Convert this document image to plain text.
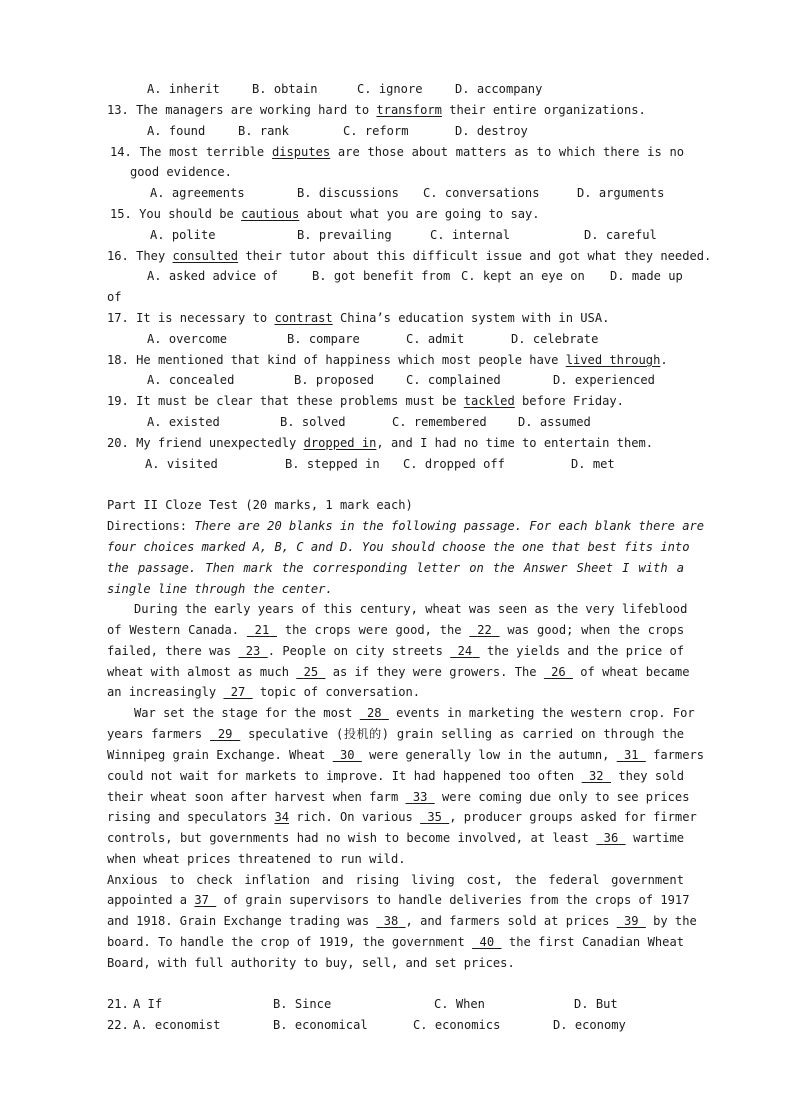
A. inherit	B. obtain	C. ignore	D. accompany
13. The managers are working hard to transform their entire organizations.
A. found	B. rank	C. reform	D. destroy
14. The most terrible disputes are those about matters as to which there is no
good evidence.
A. agreements	B. discussions C. conversations	D. arguments
15. You should be cautious about what you are going to say.
A. polite	B. prevailing	C. internal	D. careful
16. They consulted their tutor about this difficult issue and got what they needed.
A. asked advice of	B. got benefit from C. kept an eye on D. made up
of
17. It is necessary to contrast China’s education system with in USA.
A. overcome	B. compare	C. admit	D. celebrate
18. He mentioned that kind of happiness which most people have lived through.
A. concealed	B. proposed	C. complained	D. experienced
19. It must be clear that these problems must be tackled before Friday.
A. existed	B. solved	C. remembered	D. assumed
20. My friend unexpectedly dropped in, and I had no time to entertain them.
A. visited	B. stepped in C. dropped off	D. met
Part II Cloze Test (20 marks, 1 mark each)
Directions: There are 20 blanks in the following passage. For each blank there are
four choices marked A, B, C and D. You should choose the one that best fits into
the passage. Then mark the corresponding letter on the Answer Sheet I with a
single line through the center.
During the early years of this century, wheat was seen as the very lifeblood
of Western Canada. 21 the crops were good, the 22 was good; when the crops
failed, there was 23 . People on city streets 24 the yields and the price of
wheat with almost as much 25 as if they were growers. The 26 of wheat became
an increasingly 27 topic of conversation.
War set the stage for the most 28 events in marketing the western crop. For
years farmers 29 speculative (投机的) grain selling as carried on through the
Winnipeg grain Exchange. Wheat 30 were generally low in the autumn, 31 farmers
could not wait for markets to improve. It had happened too often 32 they sold
their wheat soon after harvest when farm 33 were coming due only to see prices
rising and speculators 34 rich. On various 35 , producer groups asked for firmer
controls, but governments had no wish to become involved, at least 36 wartime
when wheat prices threatened to run wild.
Anxious to check inflation and rising living cost, the federal government
appointed a 37 of grain supervisors to handle deliveries from the crops of 1917
and 1918. Grain Exchange trading was 38 , and farmers sold at prices 39 by the
board. To handle the crop of 1919, the government 40 the first Canadian Wheat
Board, with full authority to buy, sell, and set prices.
21. A If	B. Since	C. When	D. But
22. A. economist	B. economical	C. economics	D. economy
